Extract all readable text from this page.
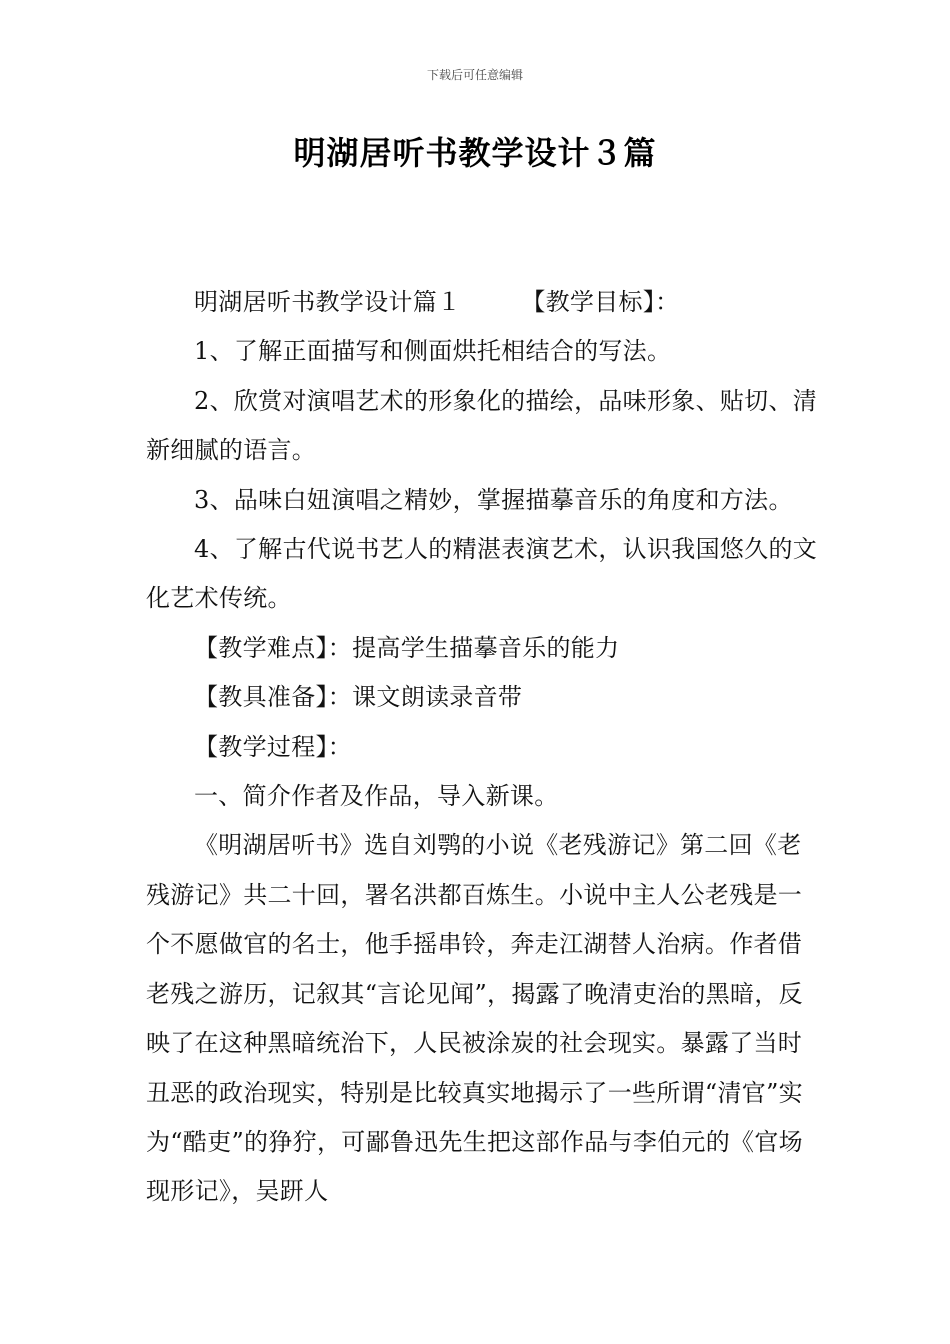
下载后可任意编辑
明湖居听书教学设计３篇

明湖居听书教学设计篇１	【教学目标】：

1、了解正面描写和侧面烘托相结合的写法。

2、欣赏对演唱艺术的形象化的描绘，品味形象、贴切、清新细腻的语言。

3、品味白妞演唱之精妙，掌握描摹音乐的角度和方法。

4、了解古代说书艺人的精湛表演艺术，认识我国悠久的文化艺术传统。

【教学难点】：提高学生描摹音乐的能力

【教具准备】：课文朗读录音带

【教学过程】：

一、简介作者及作品，导入新课。

《明湖居听书》选自刘鹗的小说《老残游记》第二回《老残游记》共二十回，署名洪都百炼生。小说中主人公老残是一个不愿做官的名士，他手摇串铃，奔走江湖替人治病。作者借老残之游历，记叙其“言论见闻”，揭露了晚清吏治的黑暗，反映了在这种黑暗统治下，人民被涂炭的社会现实。暴露了当时丑恶的政治现实，特别是比较真实地揭示了一些所谓“清官”实为“酷吏”的狰狞，可鄙鲁迅先生把这部作品与李伯元的《官场现形记》，吴趼人
